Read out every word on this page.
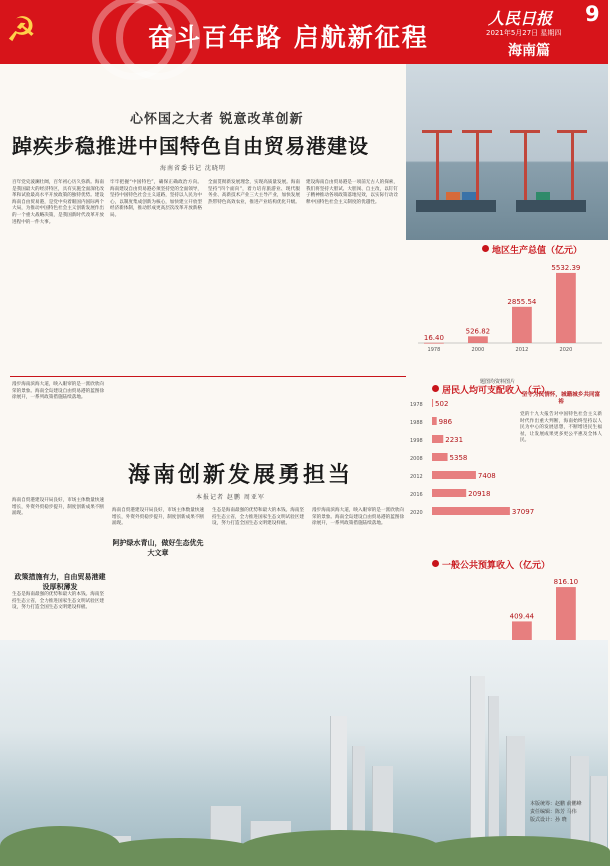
☭	奋斗百年路 启航新征程
人民日报 9
2021年5月27日 星期四
海南篇
心怀国之大者 锐意改革创新
踔疾步稳推进中国特色自由贸易港建设
海南省委书记 沈晓明

百年党史波澜壮阔，百年初心历久弥新。海南是我国最大的经济特区，具有实施全面深化改革和试验最高水平开放政策的独特优势。建设海南自由贸易港，是党中央着眼国内国际两个大局，为推动中国特色社会主义创新发展作出的一个重大战略决策，是我国新时代改革开放进程中的一件大事。

牢牢把握“中国特色”，确保正确政治方向。海南建设自由贸易港必须坚持党的全面领导，坚持中国特色社会主义道路，坚持以人民为中心，以制度集成创新为核心，加快建立开放型经济新体制，推动形成更高层次改革开放新格局。

全面贯彻新发展理念，实现高质量发展。海南坚持“四个面向”，着力培育旅游业、现代服务业、高新技术产业三大主导产业，加快发展热带特色高效农业，推进产业结构优化升级。

建设海南自由贸易港是一项前无古人的探索，我们将坚持大胆试、大胆闯、自主改，以钉钉子精神推动各项政策落地见效，以实际行动诠释中国特色社会主义制度的优越性。

地区生产总值（亿元）
16.40
1978
526.82
2000
2855.54
2012
5532.39
2020
题图均资料图片
坚守为民情怀，城籍城乡共同富裕
党的十九大报告对中国特色社会主义新时代作出重大判断，海南始终坚持以人民为中心的发展思想，不断增进民生福祉，让发展成果更多更公平惠及全体人民。
居民人均可支配收入（元）
502
1978
986
1988
2231
1998
5358
2008
7408
2012
20918
2016
37097
2020
一般公共预算收入（亿元）
409.44
816.10

漫步海南滨海大道，映入眼帘的是一派欣欣向荣的景象。海南全岛建设自由贸易港的蓝图徐徐展开，一系列政策措施陆续落地。

海南创新发展勇担当
本报记者 赵鹏 周亚军
政策措施有力，自由贸易港建设厚积薄发

海南自贸港建设开局良好，市场主体数量快速增长，外资外贸稳步提升，制度创新成果不断涌现。

生态是海南最强的优势和最大的本钱。海南坚持生态立省，全力推进国家生态文明试验区建设，努力打造全国生态文明建设样板。

海南自贸港建设开局良好，市场主体数量快速增长，外资外贸稳步提升，制度创新成果不断涌现。

阿护绿水青山，做好生态优先大文章

生态是海南最强的优势和最大的本钱。海南坚持生态立省，全力推进国家生态文明试验区建设，努力打造全国生态文明建设样板。

漫步海南滨海大道，映入眼帘的是一派欣欣向荣的景象。海南全岛建设自由贸易港的蓝图徐徐展开，一系列政策措施陆续落地。

本版统筹：赵鹏 俞鹏峰
责任编辑：陈芳 马伟
版式设计：孙 晓
